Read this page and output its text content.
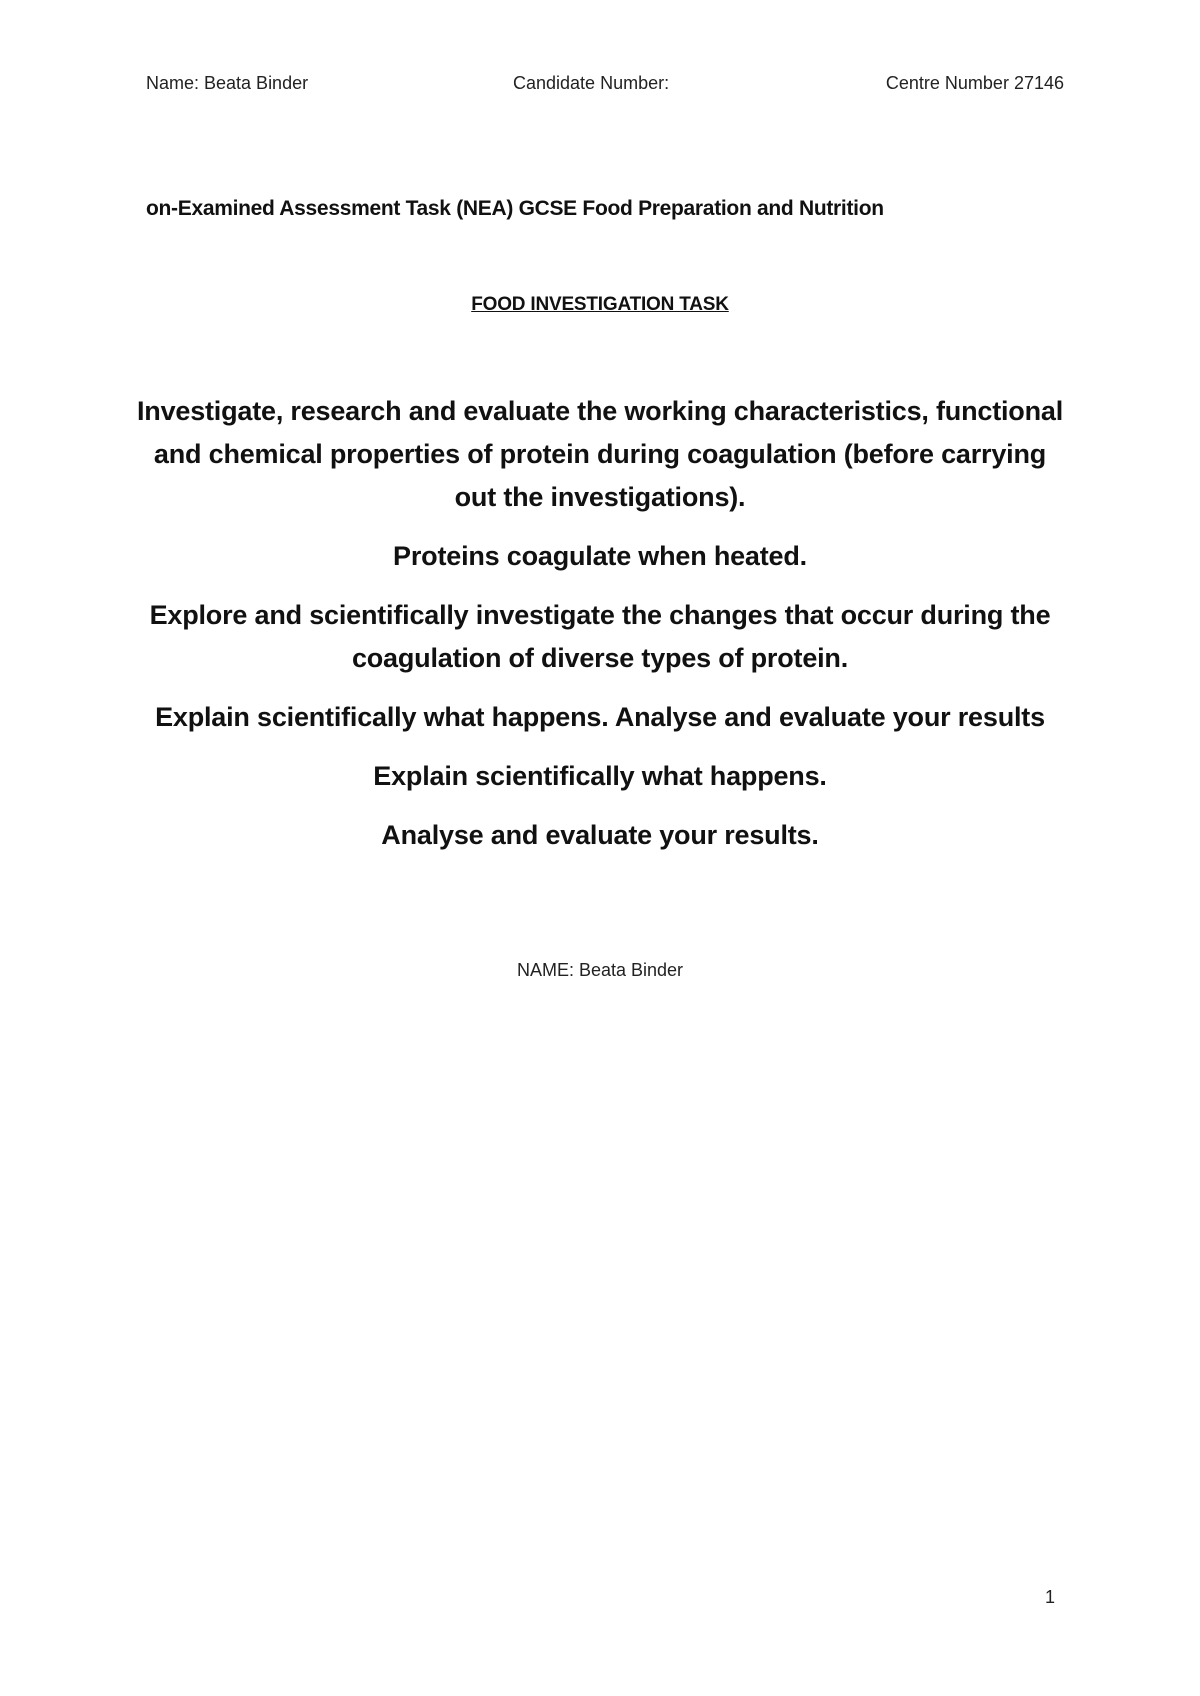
Name: Beata Binder	Candidate Number:	Centre Number 27146
on-Examined Assessment Task (NEA) GCSE Food Preparation and Nutrition
FOOD INVESTIGATION TASK

Investigate, research and evaluate the working characteristics, functional and chemical properties of protein during coagulation (before carrying out the investigations).

Proteins coagulate when heated.

Explore and scientifically investigate the changes that occur during the coagulation of diverse types of protein.

Explain scientifically what happens. Analyse and evaluate your results

Explain scientifically what happens.

Analyse and evaluate your results.

NAME: Beata Binder
1
